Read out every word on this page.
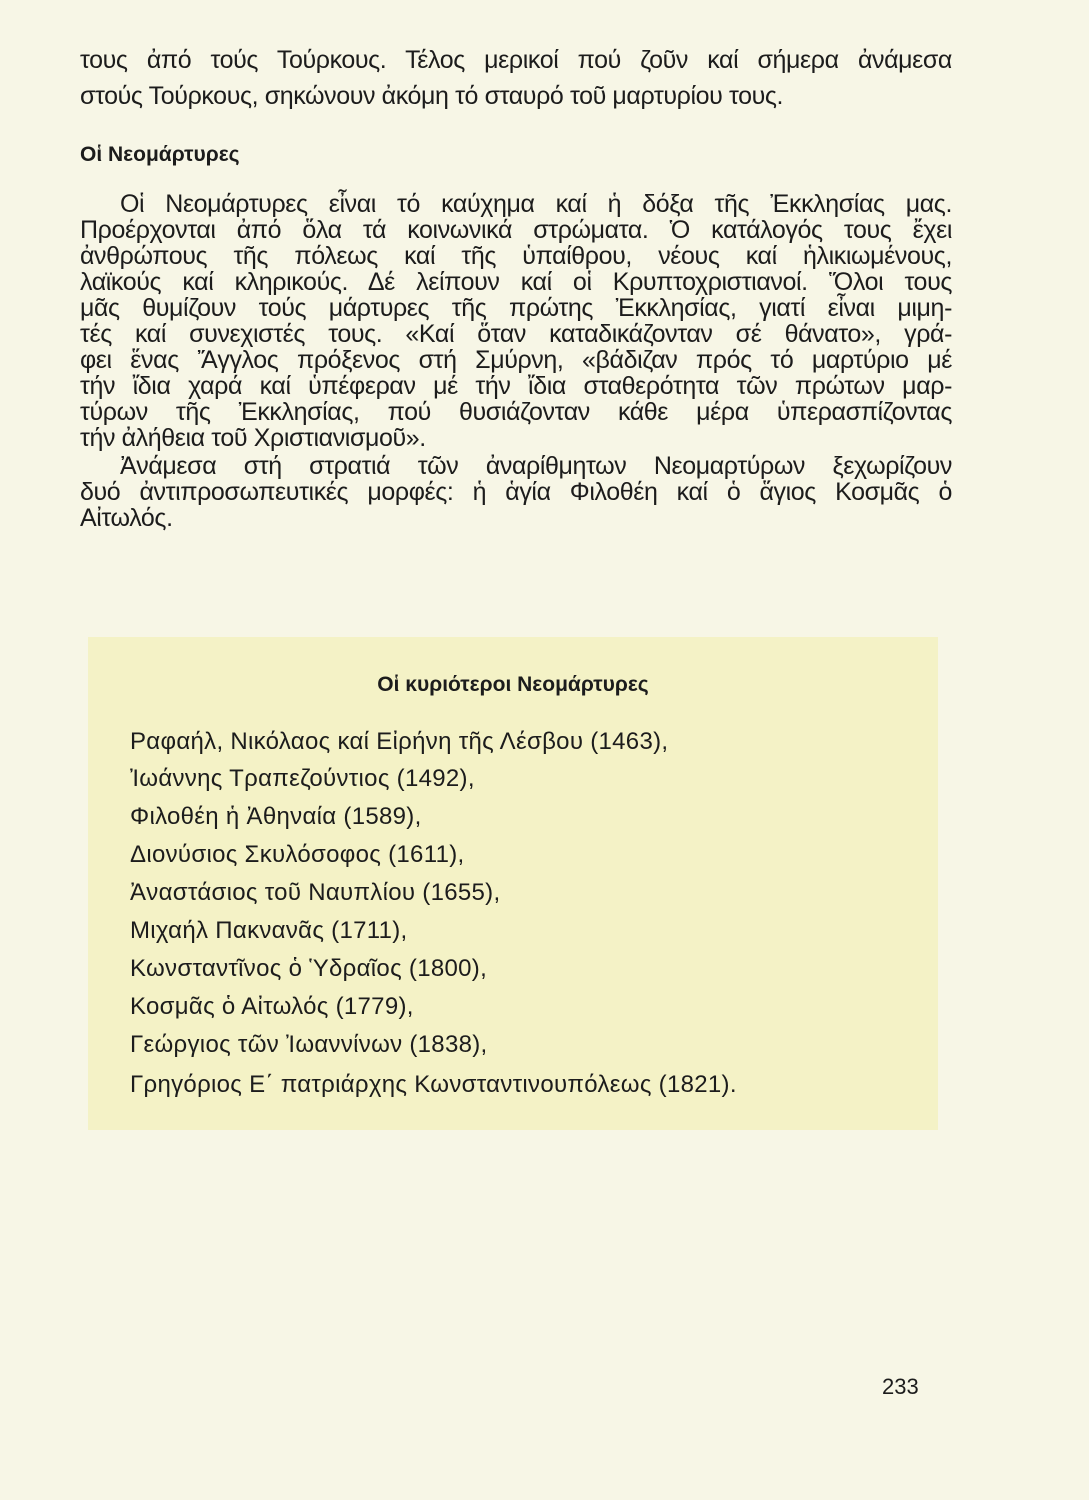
τους ἀπό τούς Τούρκους. Τέλος μερικοί πού ζοῦν καί σήμερα ἀνάμεσα
στούς Τούρκους, σηκώνουν ἀκόμη τό σταυρό τοῦ μαρτυρίου τους.
Οἱ Νεομάρτυρες
Οἱ Νεομάρτυρες εἶναι τό καύχημα καί ἡ δόξα τῆς Ἐκκλησίας μας.
Προέρχονται ἀπό ὅλα τά κοινωνικά στρώματα. Ὁ κατάλογός τους ἔχει
ἀνθρώπους τῆς πόλεως καί τῆς ὑπαίθρου, νέους καί ἡλικιωμένους,
λαϊκούς καί κληρικούς. Δέ λείπουν καί οἱ Κρυπτοχριστιανοί. Ὅλοι τους
μᾶς θυμίζουν τούς μάρτυρες τῆς πρώτης Ἐκκλησίας, γιατί εἶναι μιμη-
τές καί συνεχιστές τους. «Καί ὅταν καταδικάζονταν σέ θάνατο», γρά-
φει ἕνας Ἄγγλος πρόξενος στή Σμύρνη, «βάδιζαν πρός τό μαρτύριο μέ
τήν ἴδια χαρά καί ὑπέφεραν μέ τήν ἴδια σταθερότητα τῶν πρώτων μαρ-
τύρων τῆς Ἐκκλησίας, πού θυσιάζονταν κάθε μέρα ὑπερασπίζοντας
τήν ἀλήθεια τοῦ Χριστιανισμοῦ».
Ἀνάμεσα στή στρατιά τῶν ἀναρίθμητων Νεομαρτύρων ξεχωρίζουν
δυό ἀντιπροσωπευτικές μορφές: ἡ ἁγία Φιλοθέη καί ὁ ἅγιος Κοσμᾶς ὁ
Αἰτωλός.
Οἱ κυριότεροι Νεομάρτυρες
Ραφαήλ, Νικόλαος καί Εἰρήνη τῆς Λέσβου (1463),
Ἰωάννης Τραπεζούντιος (1492),
Φιλοθέη ἡ Ἀθηναία (1589),
Διονύσιος Σκυλόσοφος (1611),
Ἀναστάσιος τοῦ Ναυπλίου (1655),
Μιχαήλ Πακνανᾶς (1711),
Κωνσταντῖνος ὁ Ὑδραῖος (1800),
Κοσμᾶς ὁ Αἰτωλός (1779),
Γεώργιος τῶν Ἰωαννίνων (1838),
Γρηγόριος Ε΄ πατριάρχης Κωνσταντινουπόλεως (1821).
233
